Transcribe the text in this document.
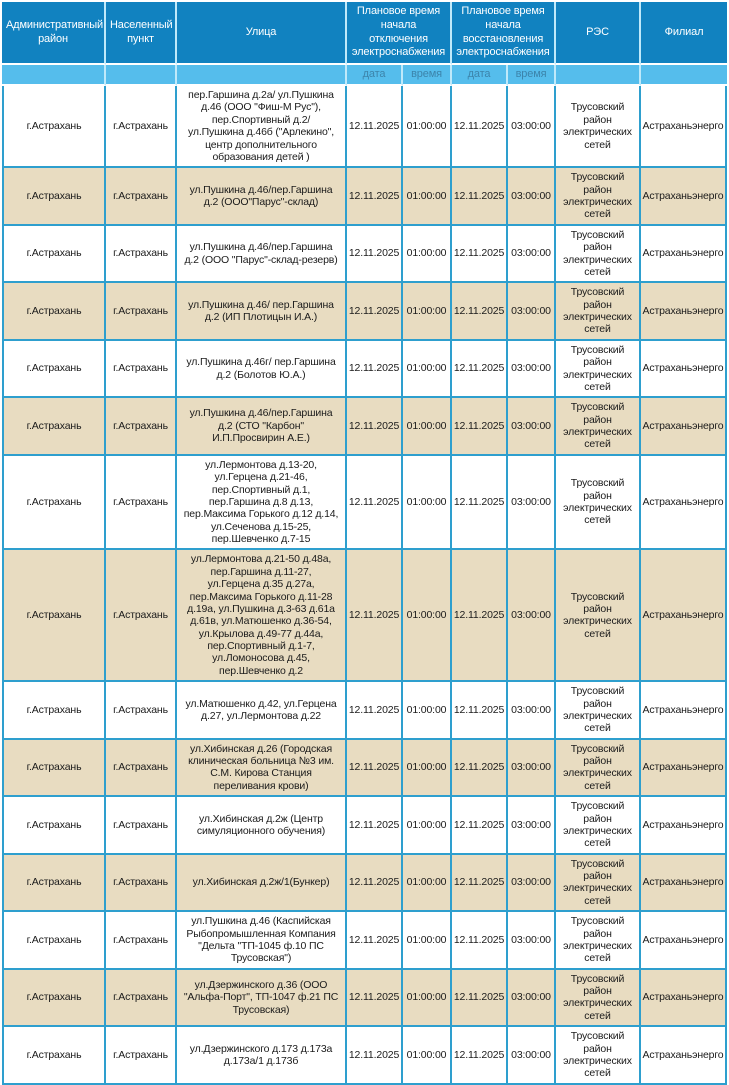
Административный район	Населенный пункт	Улица	Плановое время начала отключения электроснабжения		Плановое время начала восстановления электроснабжения		РЭС	Филиал
			дата	время	дата	время		
г.Астрахань	г.Астрахань	пер.Гаршина д.2а/ ул.Пушкина д.46 (ООО "Фиш-М Рус"), пер.Спортивный д.2/ ул.Пушкина д.46б ("Арлекино", центр дополнительного образования детей )	12.11.2025	01:00:00	12.11.2025	03:00:00	Трусовский район электрических сетей	Астраханьэнерго
г.Астрахань	г.Астрахань	ул.Пушкина д.46/пер.Гаршина д.2 (ООО"Парус"-склад)	12.11.2025	01:00:00	12.11.2025	03:00:00	Трусовский район электрических сетей	Астраханьэнерго
г.Астрахань	г.Астрахань	ул.Пушкина д.46/пер.Гаршина д.2 (ООО "Парус"-склад-резерв)	12.11.2025	01:00:00	12.11.2025	03:00:00	Трусовский район электрических сетей	Астраханьэнерго
г.Астрахань	г.Астрахань	ул.Пушкина д.46/ пер.Гаршина д.2 (ИП Плотицын И.А.)	12.11.2025	01:00:00	12.11.2025	03:00:00	Трусовский район электрических сетей	Астраханьэнерго
г.Астрахань	г.Астрахань	ул.Пушкина д.46г/ пер.Гаршина д.2 (Болотов Ю.А.)	12.11.2025	01:00:00	12.11.2025	03:00:00	Трусовский район электрических сетей	Астраханьэнерго
г.Астрахань	г.Астрахань	ул.Пушкина д.46/пер.Гаршина д.2 (СТО "Карбон" И.П.Просвирин А.Е.)	12.11.2025	01:00:00	12.11.2025	03:00:00	Трусовский район электрических сетей	Астраханьэнерго
г.Астрахань	г.Астрахань	ул.Лермонтова д.13-20, ул.Герцена д.21-46, пер.Спортивный д.1, пер.Гаршина д.8 д.13, пер.Максима Горького д.12 д.14, ул.Сеченова д.15-25, пер.Шевченко д.7-15	12.11.2025	01:00:00	12.11.2025	03:00:00	Трусовский район электрических сетей	Астраханьэнерго
г.Астрахань	г.Астрахань	ул.Лермонтова д.21-50 д.48а, пер.Гаршина д.11-27, ул.Герцена д.35 д.27а, пер.Максима Горького д.11-28 д.19а, ул.Пушкина д.3-63 д.61а д.61в, ул.Матюшенко д.36-54, ул.Крылова д.49-77 д.44а, пер.Спортивный д.1-7, ул.Ломоносова д.45, пер.Шевченко д.2	12.11.2025	01:00:00	12.11.2025	03:00:00	Трусовский район электрических сетей	Астраханьэнерго
г.Астрахань	г.Астрахань	ул.Матюшенко д.42, ул.Герцена д.27, ул.Лермонтова д.22	12.11.2025	01:00:00	12.11.2025	03:00:00	Трусовский район электрических сетей	Астраханьэнерго
г.Астрахань	г.Астрахань	ул.Хибинская д.26 (Городская клиническая больница №3 им. С.М. Кирова Станция переливания крови)	12.11.2025	01:00:00	12.11.2025	03:00:00	Трусовский район электрических сетей	Астраханьэнерго
г.Астрахань	г.Астрахань	ул.Хибинская д.2ж (Центр симуляционного обучения)	12.11.2025	01:00:00	12.11.2025	03:00:00	Трусовский район электрических сетей	Астраханьэнерго
г.Астрахань	г.Астрахань	ул.Хибинская д.2ж/1(Бункер)	12.11.2025	01:00:00	12.11.2025	03:00:00	Трусовский район электрических сетей	Астраханьэнерго
г.Астрахань	г.Астрахань	ул.Пушкина д.46 (Каспийская Рыбопромышленная Компания "Дельта "ТП-1045 ф.10 ПС Трусовская")	12.11.2025	01:00:00	12.11.2025	03:00:00	Трусовский район электрических сетей	Астраханьэнерго
г.Астрахань	г.Астрахань	ул.Дзержинского д.36 (ООО "Альфа-Порт", ТП-1047 ф.21 ПС Трусовская)	12.11.2025	01:00:00	12.11.2025	03:00:00	Трусовский район электрических сетей	Астраханьэнерго
г.Астрахань	г.Астрахань	ул.Дзержинского д.173 д.173а д.173а/1 д.173б	12.11.2025	01:00:00	12.11.2025	03:00:00	Трусовский район электрических сетей	Астраханьэнерго
